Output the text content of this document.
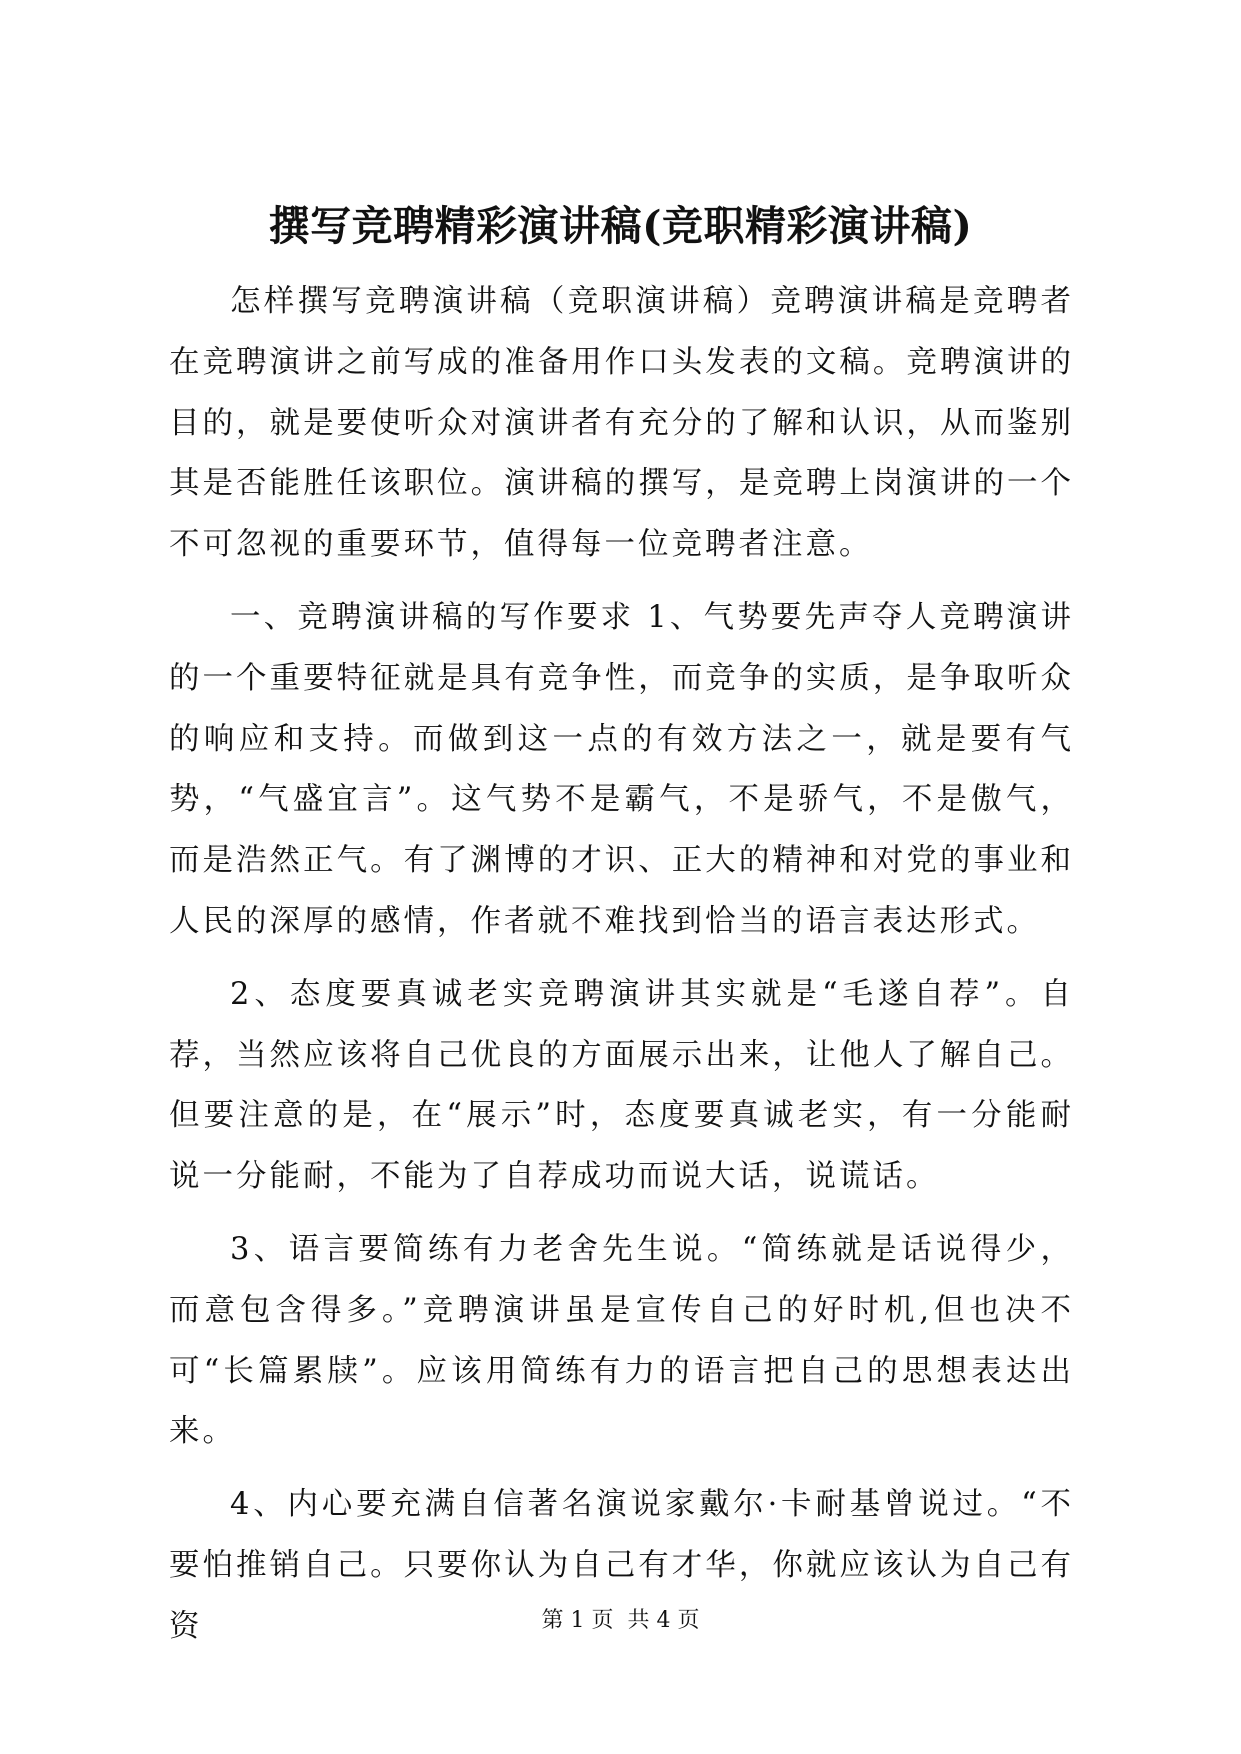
撰写竞聘精彩演讲稿(竞职精彩演讲稿)

怎样撰写竞聘演讲稿（竞职演讲稿）竞聘演讲稿是竞聘者在竞聘演讲之前写成的准备用作口头发表的文稿。竞聘演讲的目的，就是要使听众对演讲者有充分的了解和认识，从而鉴别其是否能胜任该职位。演讲稿的撰写，是竞聘上岗演讲的一个不可忽视的重要环节，值得每一位竞聘者注意。

一、竞聘演讲稿的写作要求 1、气势要先声夺人竞聘演讲的一个重要特征就是具有竞争性，而竞争的实质，是争取听众的响应和支持。而做到这一点的有效方法之一，就是要有气势，“气盛宜言”。这气势不是霸气，不是骄气，不是傲气，而是浩然正气。有了渊博的才识、正大的精神和对党的事业和人民的深厚的感情，作者就不难找到恰当的语言表达形式。

2、态度要真诚老实竞聘演讲其实就是“毛遂自荐”。自荐，当然应该将自己优良的方面展示出来，让他人了解自己。但要注意的是，在“展示”时，态度要真诚老实，有一分能耐说一分能耐，不能为了自荐成功而说大话，说谎话。

3、语言要简练有力老舍先生说。“简练就是话说得少，而意包含得多。”竞聘演讲虽是宣传自己的好时机,但也决不可“长篇累牍”。应该用简练有力的语言把自己的思想表达出来。

4、内心要充满自信著名演说家戴尔·卡耐基曾说过。“不要怕推销自己。只要你认为自己有才华，你就应该认为自己有资	第 1 页  共 4 页
